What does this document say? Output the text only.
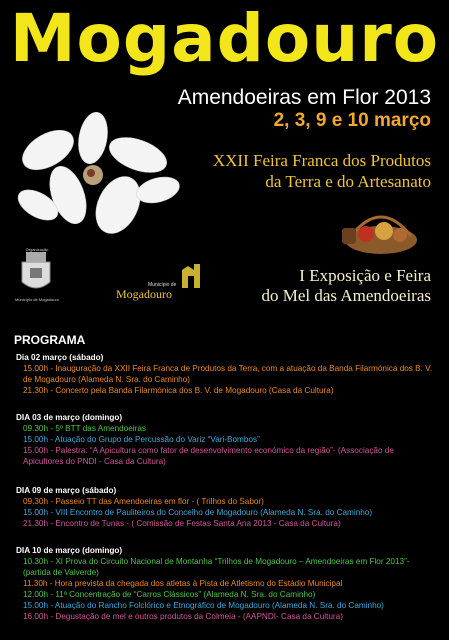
Mogadouro
Amendoeiras em Flor 2013
2, 3, 9 e 10 março
XXII Feira Franca dos Produtos
da Terra e do Artesanato
Organização
Município de Mogadouro
Município de
Mogadouro
I Exposição e Feira
do Mel das Amendoeiras
PROGRAMA
Dia 02 março (sábado)
15.00h - Inauguração da XXII Feira Franca de Produtos da Terra, com a atuação da Banda Filarmónica dos B. V. de Mogadouro (Alameda N. Sra. do Caminho)
21.30h - Concerto pela Banda Filarmónica dos B. V. de Mogadouro (Casa da Cultura)
DIA 03 de março (domingo)
09.30h - 5º BTT das Amendoeiras
15.00h - Atuação do Grupo de Percussão do Variz “Vari-Bombos”
15.00h - Palestra: “A Apicultura como fator de desenvolvimento económico da região”- (Associação de Apicultores do PNDI - Casa da Cultura)
DIA 09 de março (sábado)
09.30h - Passeio TT das Amendoeiras em flor - ( Trilhos do Sabor)
15.00h - VIII Encontro de Pauliteiros do Concelho de Mogadouro (Alameda N. Sra. do Caminho)
21.30h - Encontro de Tunas - ( Comissão de Festas Santa Ana 2013 - Casa da Cultura)
DIA 10 de março (domingo)
10.30h - XI Prova do Circuito Nacional de Montanha “Trilhos de Mogadouro – Amendoeiras em Flor 2013”- (partida de Valverde)
11.30h - Hora prevista da chegada dos atletas à Pista de Atletismo do Estádio Municipal
12.00h - 11ª Concentração de “Carros Clássicos” (Alameda N. Sra. do Caminho)
15.00h - Atuação do Rancho Folclórico e Etnográfico de Mogadouro (Alameda N. Sra. do Caminho)
16.00h - Degustação de mel e outros produtos da Colmeia - (AAPNDI- Casa da Cultura)
